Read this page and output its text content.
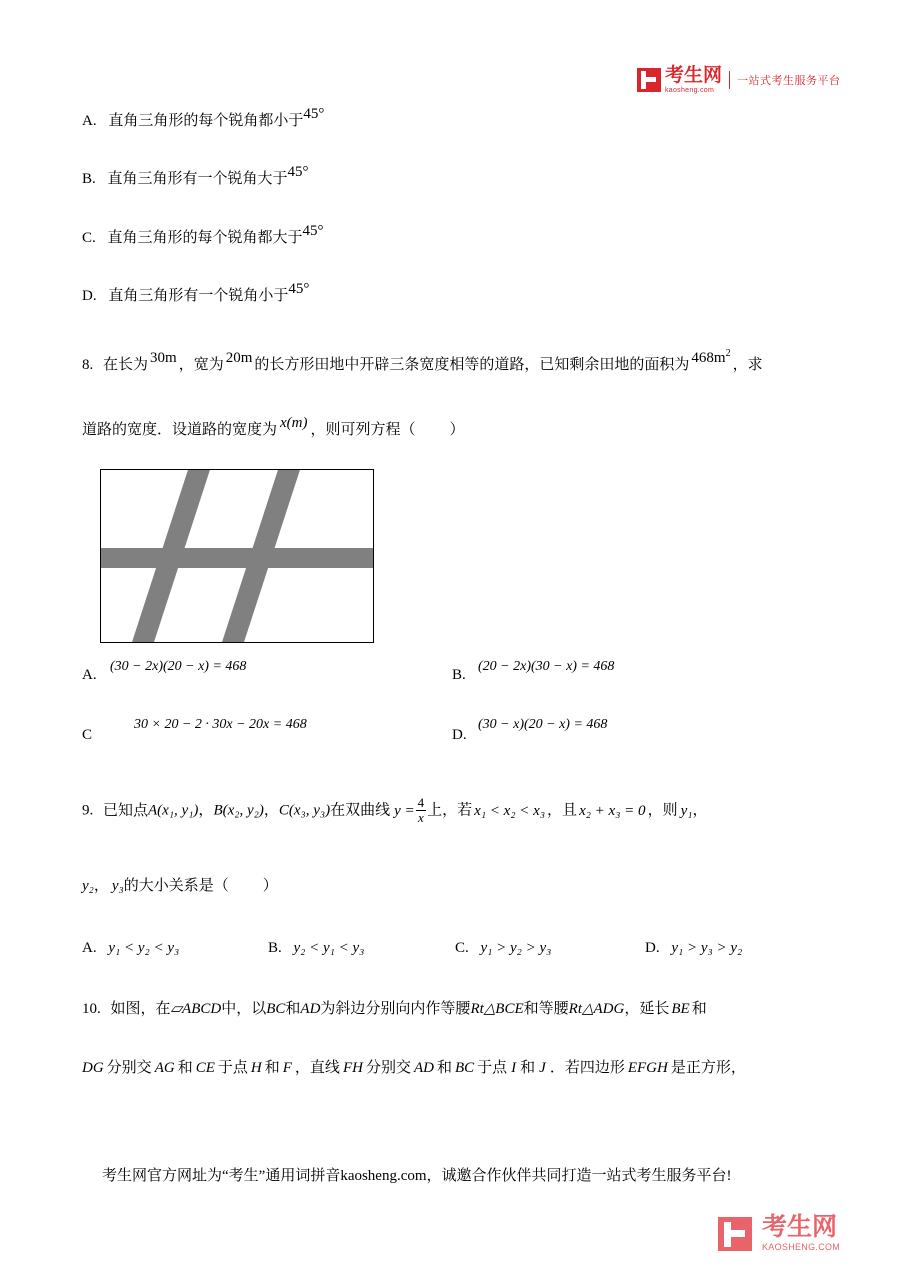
考生网
kaosheng.com
一站式考生服务平台
A. 直角三角形的每个锐角都小于45°
B. 直角三角形有一个锐角大于45°
C. 直角三角形的每个锐角都大于45°
D. 直角三角形有一个锐角小于45°
8. 在长为 30m ，宽为 20m 的长方形田地中开辟三条宽度相等的道路，已知剩余田地的面积为 $468m^2$，求
道路的宽度．设道路的宽度为 x(m) ，则可列方程（ ）
A.
(30 − 2x)(20 − x) = 468
B.
(20 − 2x)(30 − x) = 468
C
30 × 20 − 2 · 30x − 20x = 468
D.
(30 − x)(20 − x) = 468
9. 已知点A(x₁, y₁)，B(x₂, y₂)，C(x₃, y₃)在双曲线 $y = \frac{4}{x}$ 上，若 x₁ < x₂ < x₃ ，且 x₂ + x₃ = 0 ，则 y₁，
y₂， y₃的大小关系是（ ）
A. y₁ < y₂ < y₃	B. y₂ < y₁ < y₃	C. y₁ > y₂ > y₃	D. y₁ > y₃ > y₂
10. 如图，在▱ABCD中，以BC和AD为斜边分别向内作等腰Rt△BCE和等腰Rt△ADG，延长 BE 和
DG 分别交 AG 和 CE 于点 H 和 F ，直线 FH 分别交 AD 和 BC 于点 I 和 J ．若四边形 EFGH 是正方形，
考生网官方网址为“考生”通用词拼音kaosheng.com，诚邀合作伙伴共同打造一站式考生服务平台!
考生网
KAOSHENG.COM
